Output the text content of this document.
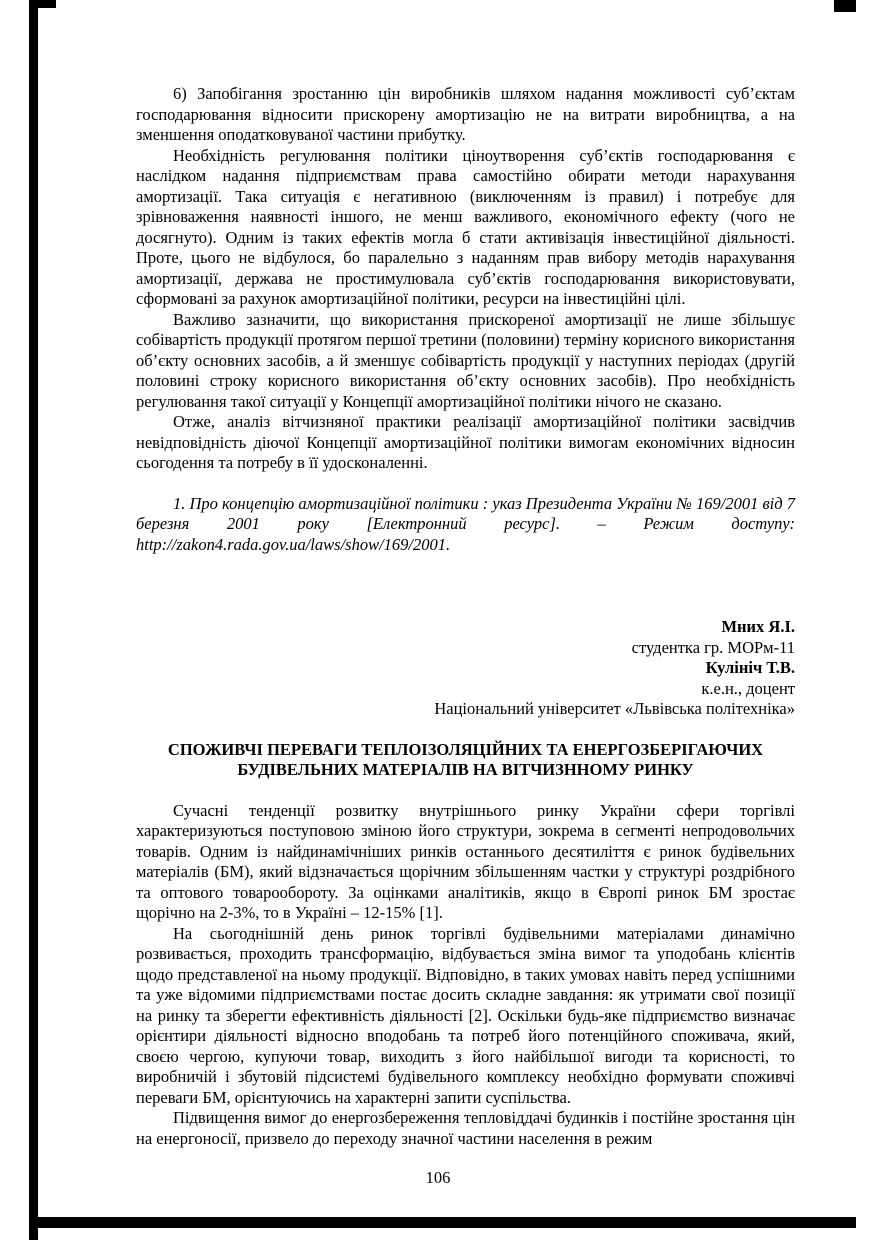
6) Запобігання зростанню цін виробників шляхом надання можливості суб’єктам господарювання відносити прискорену амортизацію не на витрати виробництва, а на зменшення оподатковуваної частини прибутку.

Необхідність регулювання політики ціноутворення суб’єктів господарювання є наслідком надання підприємствам права самостійно обирати методи нарахування амортизації. Така ситуація є негативною (виключенням із правил) і потребує для зрівноваження наявності іншого, не менш важливого, економічного ефекту (чого не досягнуто). Одним із таких ефектів могла б стати активізація інвестиційної діяльності. Проте, цього не відбулося, бо паралельно з наданням прав вибору методів нарахування амортизації, держава не простимулювала суб’єктів господарювання використовувати, сформовані за рахунок амортизаційної політики, ресурси на інвестиційні цілі.

Важливо зазначити, що використання прискореної амортизації не лише збільшує собівартість продукції протягом першої третини (половини) терміну корисного використання об’єкту основних засобів, а й зменшує собівартість продукції у наступних періодах (другій половині строку корисного використання об’єкту основних засобів). Про необхідність регулювання такої ситуації у Концепції амортизаційної політики нічого не сказано.

Отже, аналіз вітчизняної практики реалізації амортизаційної політики засвідчив невідповідність діючої Концепції амортизаційної політики вимогам економічних відносин сьогодення та потребу в її удосконаленні.

1. Про концепцію амортизаційної політики : указ Президента України № 169/2001 від 7 березня 2001 року [Електронний ресурс]. – Режим доступу: http://zakon4.rada.gov.ua/laws/show/169/2001.

Мних Я.І.
студентка гр. МОРм-11
Кулініч Т.В.
к.е.н., доцент
Національний університет «Львівська політехніка»
СПОЖИВЧІ ПЕРЕВАГИ ТЕПЛОІЗОЛЯЦІЙНИХ ТА ЕНЕРГОЗБЕРІГАЮЧИХ БУДІВЕЛЬНИХ МАТЕРІАЛІВ НА ВІТЧИЗННОМУ РИНКУ

Сучасні тенденції розвитку внутрішнього ринку України сфери торгівлі характеризуються поступовою зміною його структури, зокрема в сегменті непродовольчих товарів. Одним із найдинамічніших ринків останнього десятиліття є ринок будівельних матеріалів (БМ), який відзначається щорічним збільшенням частки у структурі роздрібного та оптового товарообороту. За оцінками аналітиків, якщо в Європі ринок БМ зростає щорічно на 2-3%, то в Україні – 12-15% [1].

На сьогоднішній день ринок торгівлі будівельними матеріалами динамічно розвивається, проходить трансформацію, відбувається зміна вимог та уподобань клієнтів щодо представленої на ньому продукції. Відповідно, в таких умовах навіть перед успішними та уже відомими підприємствами постає досить складне завдання: як утримати свої позиції на ринку та зберегти ефективність діяльності [2]. Оскільки будь-яке підприємство визначає орієнтири діяльності відносно вподобань та потреб його потенційного споживача, який, своєю чергою, купуючи товар, виходить з його найбільшої вигоди та корисності, то виробничій і збутовій підсистемі будівельного комплексу необхідно формувати споживчі переваги БМ, орієнтуючись на характерні запити суспільства.

Підвищення вимог до енергозбереження тепловіддачі будинків і постійне зростання цін на енергоносії, призвело до переходу значної частини населення в режим

106
